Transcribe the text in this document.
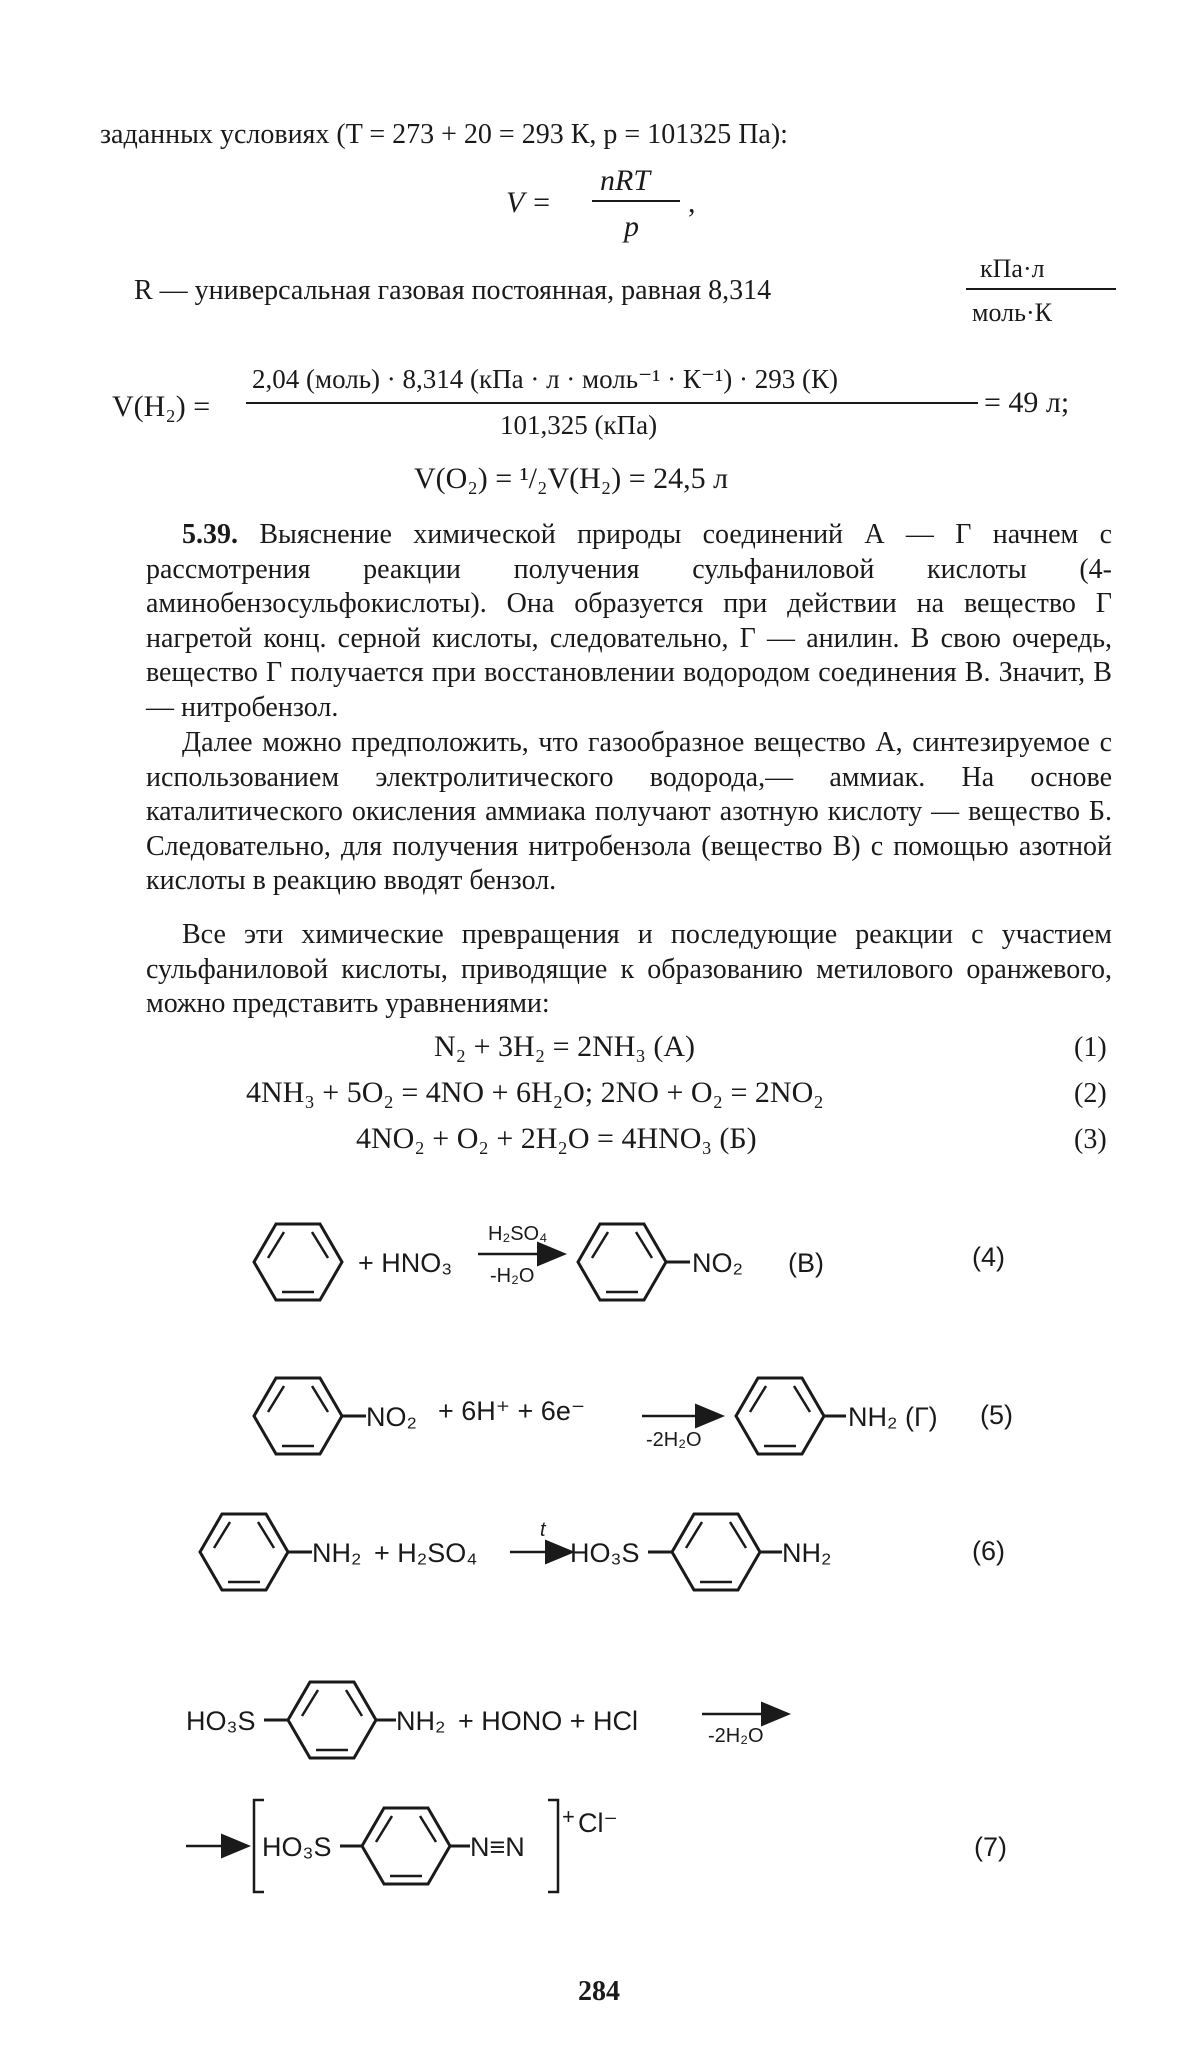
заданных условиях (T = 273 + 20 = 293 К, p = 101325 Па):
V =
nRT
p
,
R — универсальная газовая постоянная, равная 8,314
кПа·л
моль·К
V(H₂) =
2,04 (моль) · 8,314 (кПа · л · моль⁻¹ · К⁻¹) · 293 (К)
101,325 (кПа)
= 49 л;
V(O₂) = ¹/₂V(H₂) = 24,5 л

5.39. Выяснение химической природы соединений А — Г начнем с рассмотрения реакции получения сульфаниловой кислоты (4-аминобензосульфокислоты). Она образуется при действии на вещество Г нагретой конц. серной кислоты, следовательно, Г — анилин. В свою очередь, вещество Г получается при восстановлении водородом соединения В. Значит, В — нитробензол.

Далее можно предположить, что газообразное вещество А, синтезируемое с использованием электролитического водорода,— аммиак. На основе каталитического окисления аммиака получают азотную кислоту — вещество Б. Следовательно, для получения нитробензола (вещество В) с помощью азотной кислоты в реакцию вводят бензол.

Все эти химические превращения и последующие реакции с участием сульфаниловой кислоты, приводящие к образованию метилового оранжевого, можно представить уравнениями:

N₂ + 3H₂ = 2NH₃ (А)	(1)
4NH₃ + 5O₂ = 4NO + 6H₂O; 2NO + O₂ = 2NO₂	(2)
4NO₂ + O₂ + 2H₂O = 4HNO₃ (Б)	(3)
+ HNO₃
H₂SO₄
-H₂O	NO₂ (В)	(4)
NO₂ + 6H⁺ + 6e⁻
-2H₂O
NH₂ (Г) (5)
NH₂ + H₂SO₄
t
HO₃S	NH₂	(6)
HO₃S	NH₂ + HONO + HCl	-2H₂O
HO₃S	N≡N
+ Cl⁻
(7)
284
